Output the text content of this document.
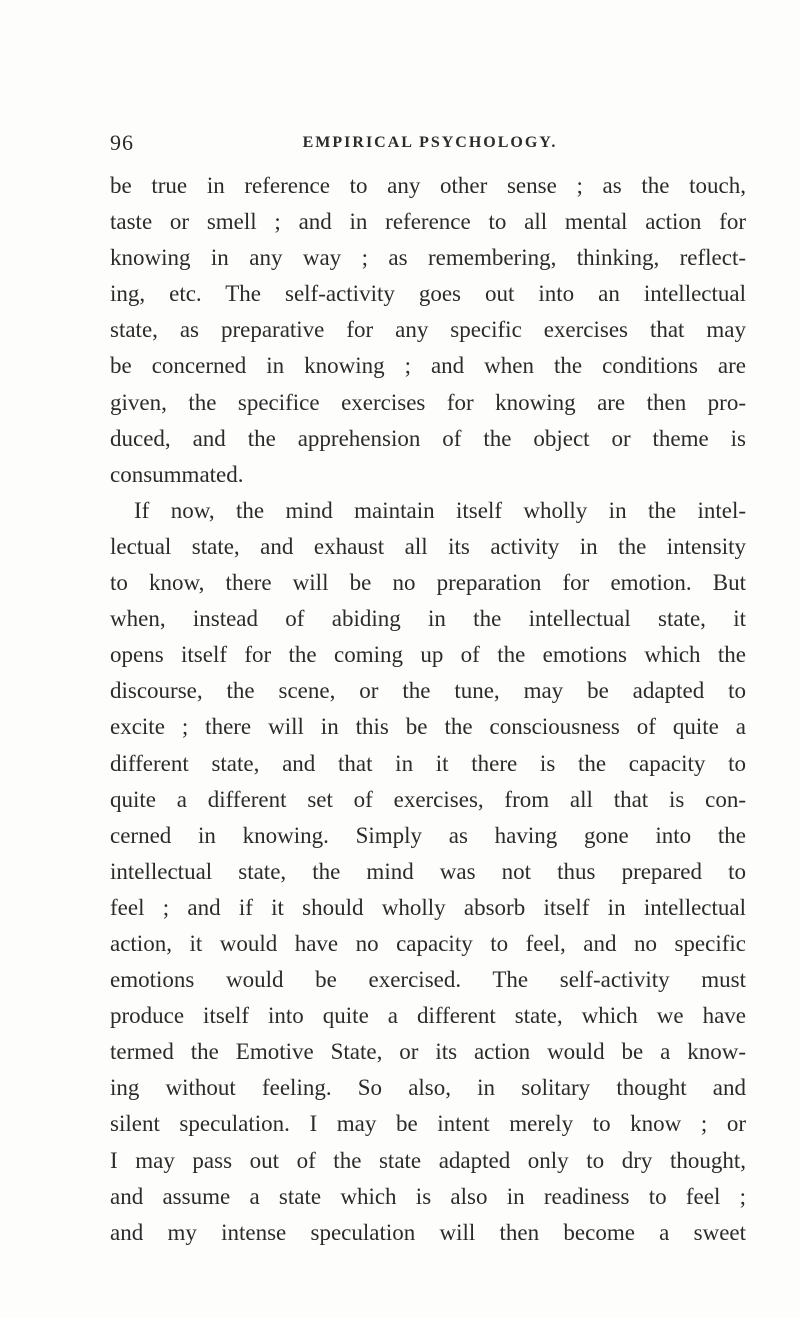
96	EMPIRICAL PSYCHOLOGY.
be true in reference to any other sense ; as the touch,
taste or smell ; and in reference to all mental action for
knowing in any way ; as remembering, thinking, reflect-
ing, etc. The self-activity goes out into an intellectual
state, as preparative for any specific exercises that may
be concerned in knowing ; and when the conditions are
given, the specifice exercises for knowing are then pro-
duced, and the apprehension of the object or theme is
consummated.
If now, the mind maintain itself wholly in the intel-
lectual state, and exhaust all its activity in the intensity
to know, there will be no preparation for emotion. But
when, instead of abiding in the intellectual state, it
opens itself for the coming up of the emotions which the
discourse, the scene, or the tune, may be adapted to
excite ; there will in this be the consciousness of quite a
different state, and that in it there is the capacity to
quite a different set of exercises, from all that is con-
cerned in knowing. Simply as having gone into the
intellectual state, the mind was not thus prepared to
feel ; and if it should wholly absorb itself in intellectual
action, it would have no capacity to feel, and no specific
emotions would be exercised. The self-activity must
produce itself into quite a different state, which we have
termed the Emotive State, or its action would be a know-
ing without feeling. So also, in solitary thought and
silent speculation. I may be intent merely to know ; or
I may pass out of the state adapted only to dry thought,
and assume a state which is also in readiness to feel ;
and my intense speculation will then become a sweet
